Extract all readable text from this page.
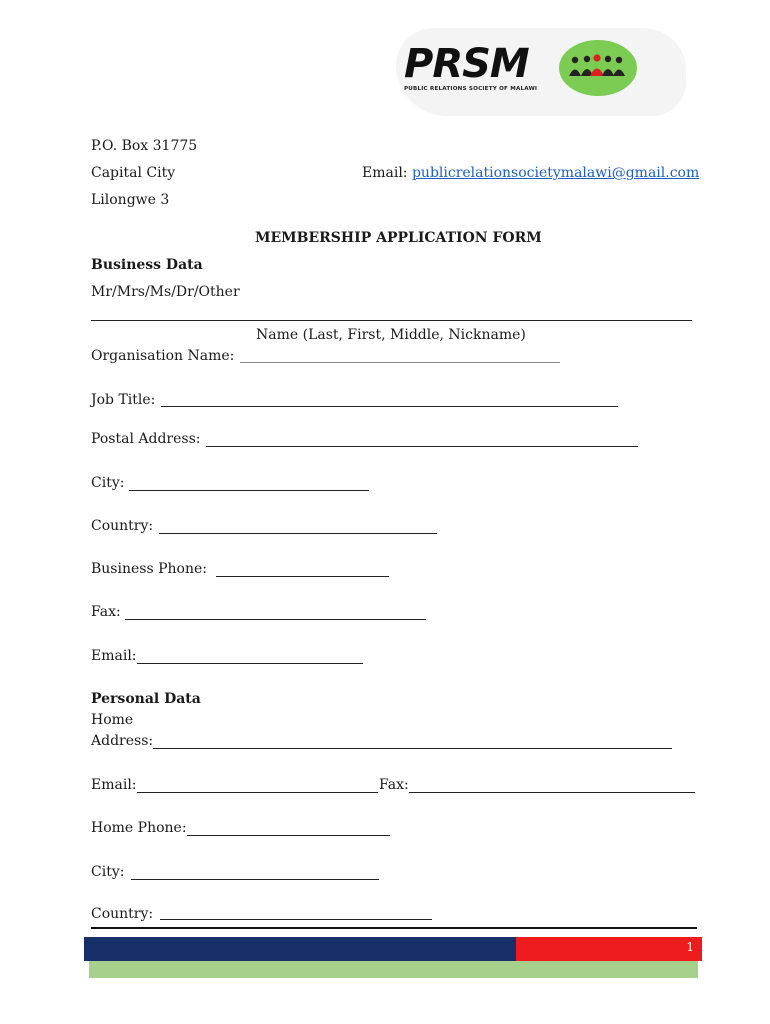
PRSM
PUBLIC RELATIONS SOCIETY OF MALAWI
P.O. Box 31775
Capital City
Lilongwe 3
Email: publicrelationsocietymalawi@gmail.com
MEMBERSHIP APPLICATION FORM
Business Data
Mr/Mrs/Ms/Dr/Other
Name (Last, First, Middle, Nickname)
Organisation Name:
Job Title:
Postal Address:
City:
Country:
Business Phone:
Fax:
Email:
Personal Data
Home
Address:
Email:	Fax:
Home Phone:
City:
Country:
1
